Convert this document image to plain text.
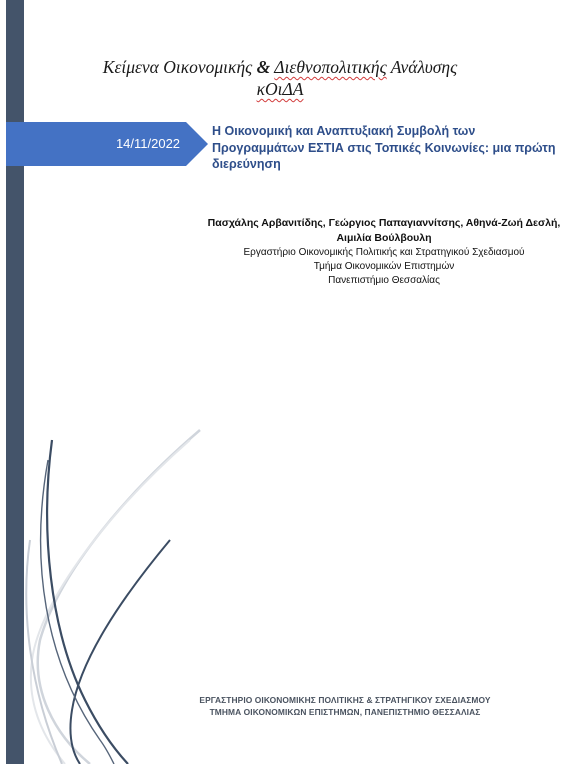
Κείμενα Οικονομικής & Διεθνοπολιτικής Ανάλυσης
κΟιΔΑ
14/11/2022
Η Οικονομική και Αναπτυξιακή Συμβολή των Προγραμμάτων ΕΣΤΙΑ στις Τοπικές Κοινωνίες: μια πρώτη διερεύνηση
Πασχάλης Αρβανιτίδης, Γεώργιος Παπαγιαννίτσης, Αθηνά-Ζωή Δεσλή,
Αιμιλία Βούλβουλη
Εργαστήριο Οικονομικής Πολιτικής και Στρατηγικού Σχεδιασμού
Τμήμα Οικονομικών Επιστημών
Πανεπιστήμιο Θεσσαλίας
ΕΡΓΑΣΤΗΡΙΟ ΟΙΚΟΝΟΜΙΚΗΣ ΠΟΛΙΤΙΚΗΣ & ΣΤΡΑΤΗΓΙΚΟΥ ΣΧΕΔΙΑΣΜΟΥ
ΤΜΗΜΑ ΟΙΚΟΝΟΜΙΚΩΝ ΕΠΙΣΤΗΜΩΝ, ΠΑΝΕΠΙΣΤΗΜΙΟ ΘΕΣΣΑΛΙΑΣ
